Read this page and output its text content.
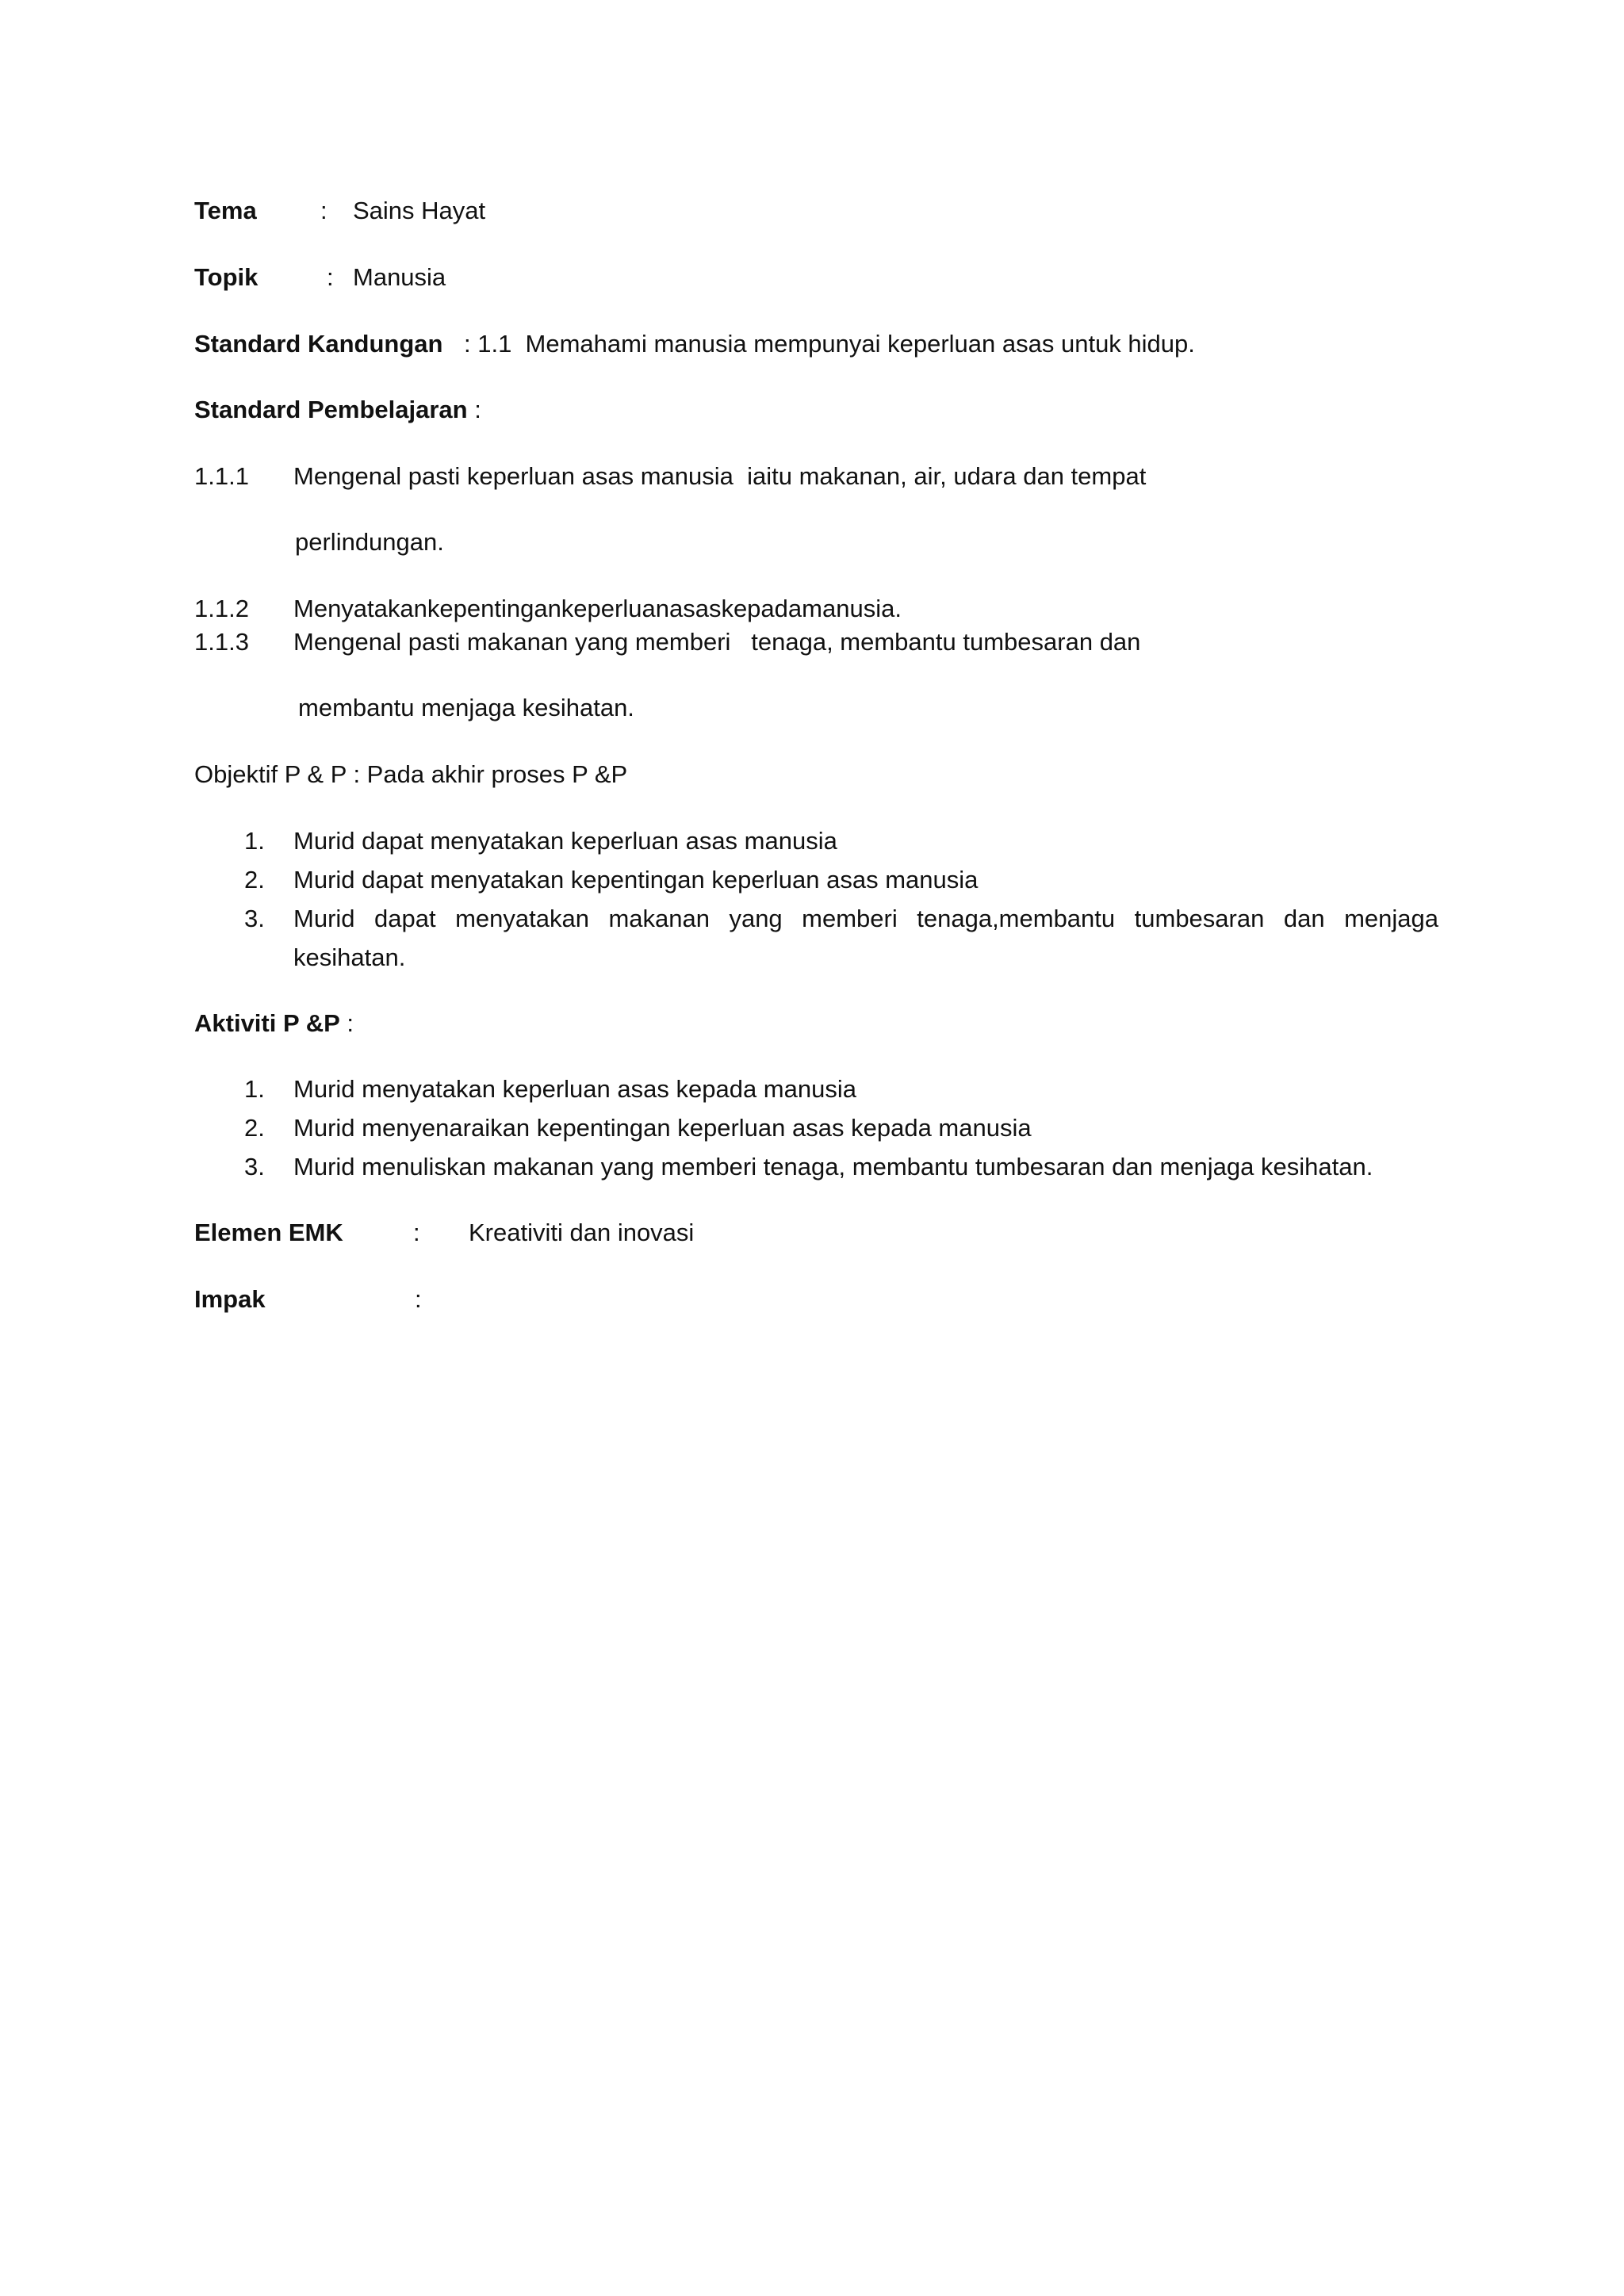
Tema	: Sains Hayat
Topik	: Manusia
Standard Kandungan : 1.1  Memahami manusia mempunyai keperluan asas untuk hidup.
Standard Pembelajaran :
1.1.1 Mengenal pasti keperluan asas manusia  iaitu makanan, air, udara dan tempat
perlindungan.
1.1.2 Menyatakankepentingankeperluanasaskepadamanusia.
1.1.3 Mengenal pasti makanan yang memberi   tenaga, membantu tumbesaran dan
membantu menjaga kesihatan.
Objektif P & P : Pada akhir proses P &P
1. Murid dapat menyatakan keperluan asas manusia
2. Murid dapat menyatakan kepentingan keperluan asas manusia
3. Murid dapat menyatakan makanan yang memberi tenaga,membantu tumbesaran dan menjaga
kesihatan.
Aktiviti P &P :
1. Murid menyatakan keperluan asas kepada manusia
2. Murid menyenaraikan kepentingan keperluan asas kepada manusia
3. Murid menuliskan makanan yang memberi tenaga, membantu tumbesaran dan menjaga kesihatan.
Elemen EMK	: Kreativiti dan inovasi
Impak	:
